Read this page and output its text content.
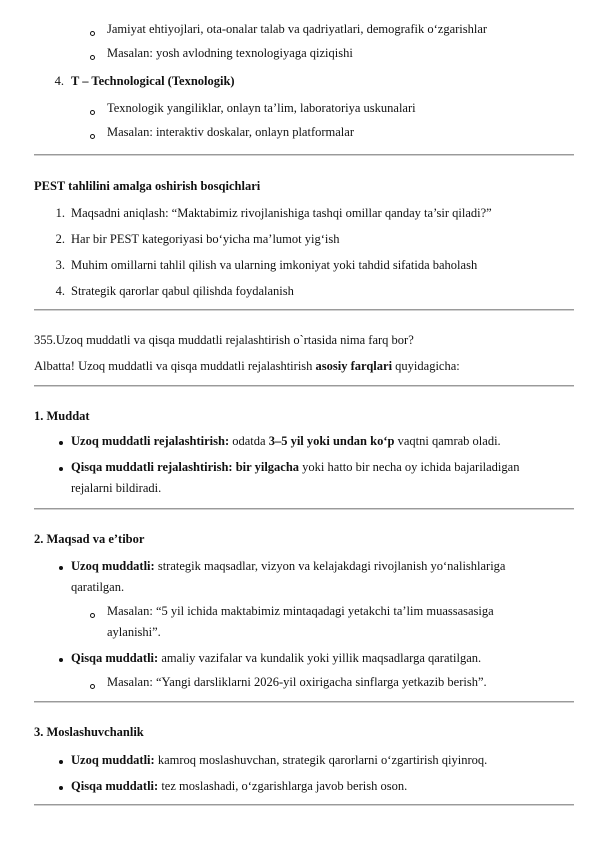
Jamiyat ehtiyojlari, ota-onalar talab va qadriyatlari, demografik o‘zgarishlar
Masalan: yosh avlodning texnologiyaga qiziqishi
4. T – Technological (Texnologik)
Texnologik yangiliklar, onlayn ta’lim, laboratoriya uskunalari
Masalan: interaktiv doskalar, onlayn platformalar
PEST tahlilini amalga oshirish bosqichlari
1. Maqsadni aniqlash: “Maktabimiz rivojlanishiga tashqi omillar qanday ta’sir qiladi?”
2. Har bir PEST kategoriyasi bo‘yicha ma’lumot yig‘ish
3. Muhim omillarni tahlil qilish va ularning imkoniyat yoki tahdid sifatida baholash
4. Strategik qarorlar qabul qilishda foydalanish
355.Uzoq muddatli va qisqa muddatli rejalashtirish o`rtasida nima farq bor?
Albatta! Uzoq muddatli va qisqa muddatli rejalashtirish asosiy farqlari quyidagicha:
1. Muddat
Uzoq muddatli rejalashtirish: odatda 3–5 yil yoki undan ko‘p vaqtni qamrab oladi.
Qisqa muddatli rejalashtirish: bir yilgacha yoki hatto bir necha oy ichida bajariladigan
rejalarni bildiradi.
2. Maqsad va e’tibor
Uzoq muddatli: strategik maqsadlar, vizyon va kelajakdagi rivojlanish yo‘nalishlariga
qaratilgan.
Masalan: “5 yil ichida maktabimiz mintaqadagi yetakchi ta’lim muassasasiga
aylanishi”.
Qisqa muddatli: amaliy vazifalar va kundalik yoki yillik maqsadlarga qaratilgan.
Masalan: “Yangi darsliklarni 2026-yil oxirigacha sinflarga yetkazib berish”.
3. Moslashuvchanlik
Uzoq muddatli: kamroq moslashuvchan, strategik qarorlarni o‘zgartirish qiyinroq.
Qisqa muddatli: tez moslashadi, o‘zgarishlarga javob berish oson.
